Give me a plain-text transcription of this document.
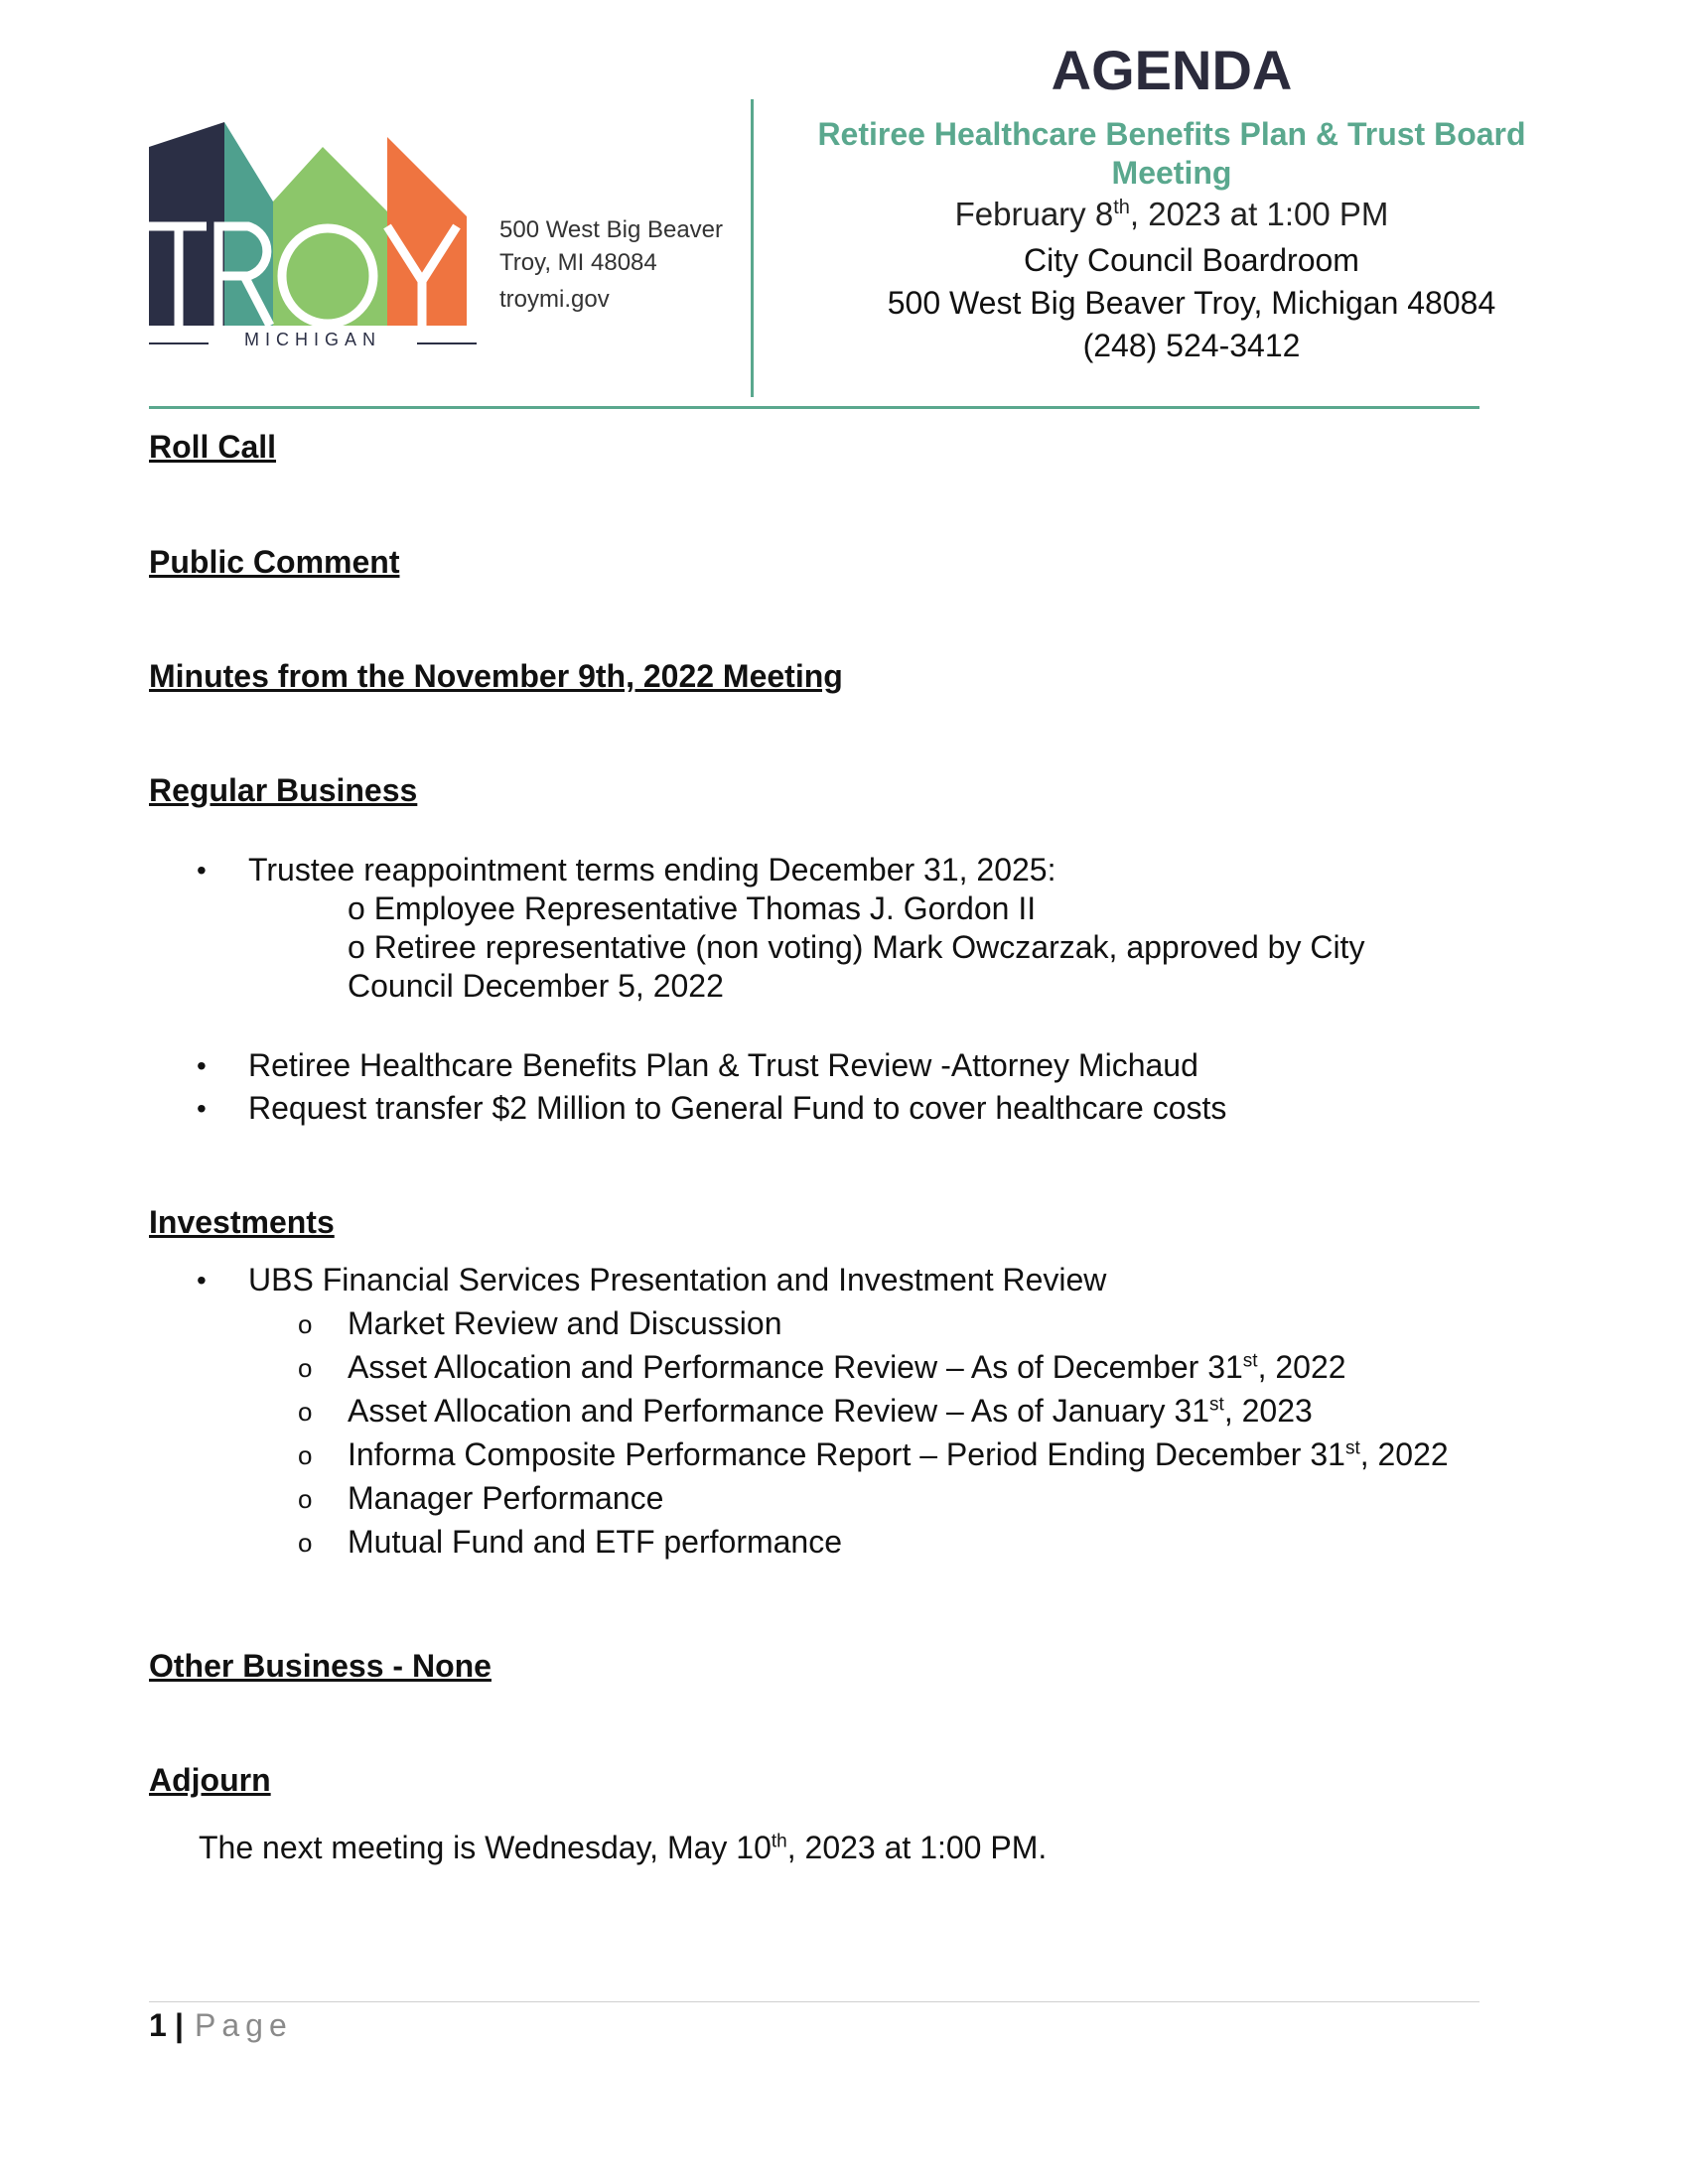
MICHIGAN
500 West Big Beaver
Troy, MI 48084
troymi.gov
AGENDA
Retiree Healthcare Benefits Plan & Trust Board
Meeting
February 8th, 2023 at 1:00 PM
City Council Boardroom
500 West Big Beaver Troy, Michigan 48084
(248) 524-3412
Roll Call
Public Comment
Minutes from the November 9th, 2022 Meeting
Regular Business
• Trustee reappointment terms ending December 31, 2025:
o Employee Representative Thomas J. Gordon II
o Retiree representative (non voting) Mark Owczarzak, approved by City
Council December 5, 2022
• Retiree Healthcare Benefits Plan & Trust Review -Attorney Michaud
• Request transfer $2 Million to General Fund to cover healthcare costs
Investments
• UBS Financial Services Presentation and Investment Review
o Market Review and Discussion
o Asset Allocation and Performance Review – As of December 31st, 2022
o Asset Allocation and Performance Review – As of January 31st, 2023
o Informa Composite Performance Report – Period Ending December 31st, 2022
o Manager Performance
o Mutual Fund and ETF performance
Other Business - None
Adjourn
The next meeting is Wednesday, May 10th, 2023 at 1:00 PM.
1 | Page
